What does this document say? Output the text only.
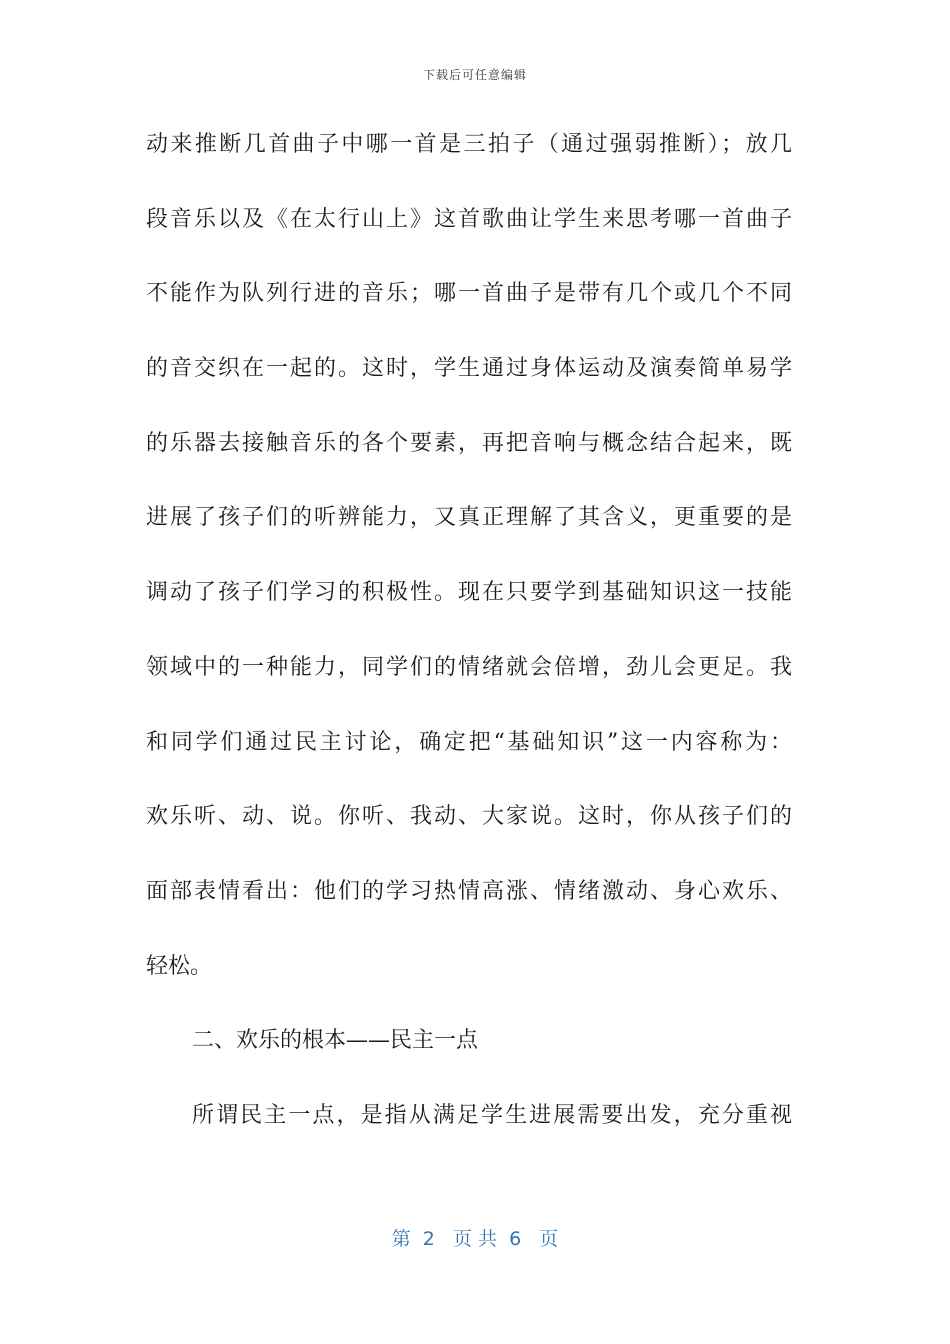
下载后可任意编辑
动来推断几首曲子中哪一首是三拍子（通过强弱推断）；放几
段音乐以及《在太行山上》这首歌曲让学生来思考哪一首曲子
不能作为队列行进的音乐；哪一首曲子是带有几个或几个不同
的音交织在一起的。这时，学生通过身体运动及演奏简单易学
的乐器去接触音乐的各个要素，再把音响与概念结合起来，既
进展了孩子们的听辨能力，又真正理解了其含义，更重要的是
调动了孩子们学习的积极性。现在只要学到基础知识这一技能
领域中的一种能力，同学们的情绪就会倍增，劲儿会更足。我
和同学们通过民主讨论，确定把“基础知识”这一内容称为：
欢乐听、动、说。你听、我动、大家说。这时，你从孩子们的
面部表情看出：他们的学习热情高涨、情绪激动、身心欢乐、
轻松。
二、欢乐的根本——民主一点
所谓民主一点，是指从满足学生进展需要出发，充分重视
第  2   页 共  6   页
